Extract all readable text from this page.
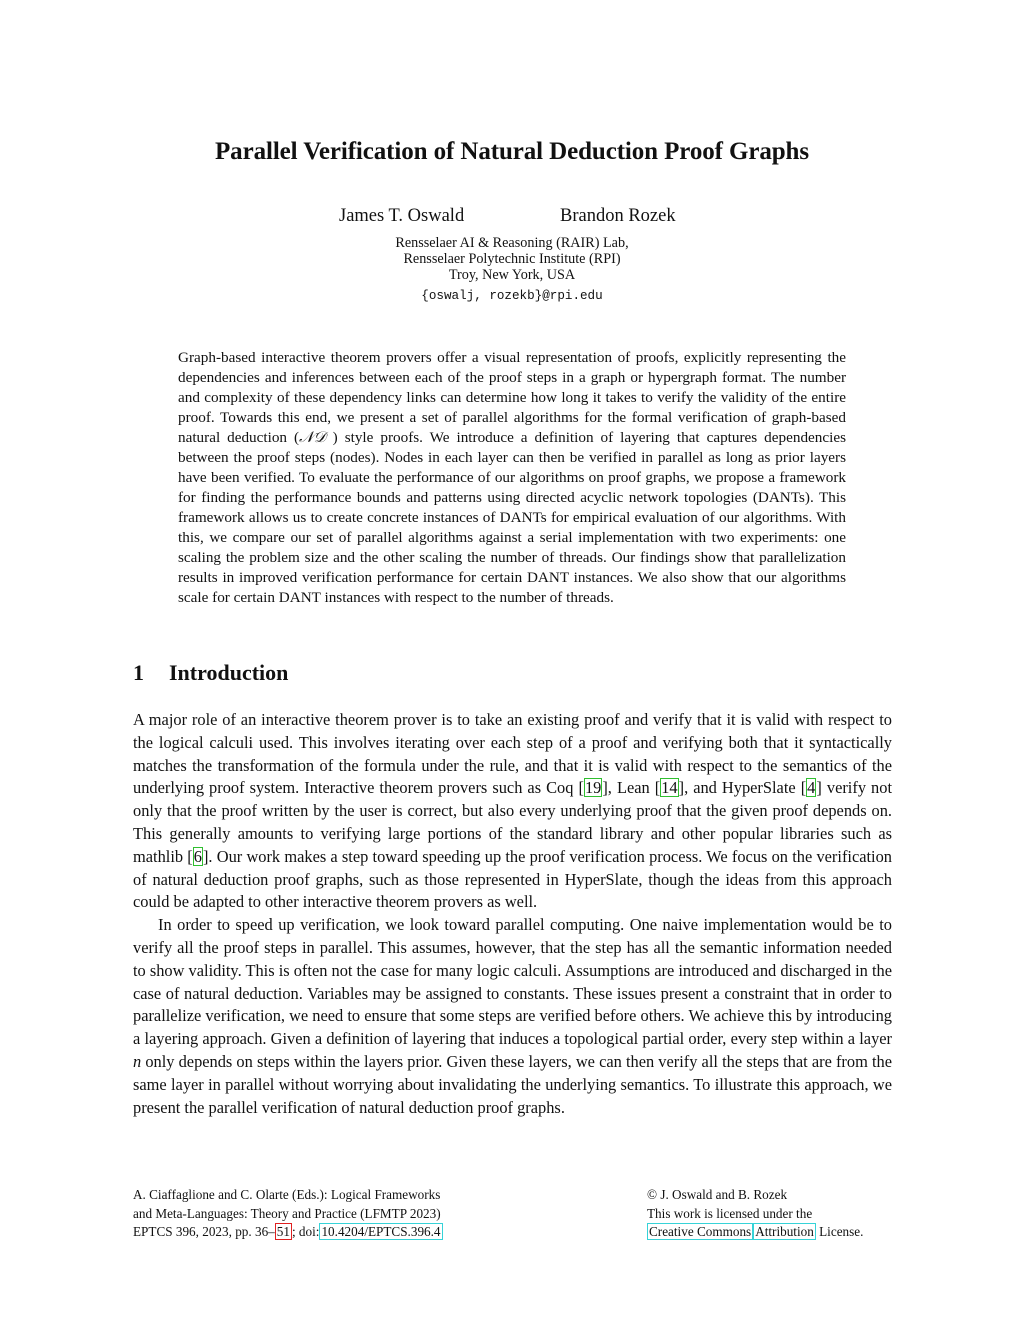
Parallel Verification of Natural Deduction Proof Graphs
James T. Oswald	Brandon Rozek
Rensselaer AI & Reasoning (RAIR) Lab,
Rensselaer Polytechnic Institute (RPI)
Troy, New York, USA
{oswalj, rozekb}@rpi.edu

Graph-based interactive theorem provers offer a visual representation of proofs, explicitly representing the dependencies and inferences between each of the proof steps in a graph or hypergraph format. The number and complexity of these dependency links can determine how long it takes to verify the validity of the entire proof. Towards this end, we present a set of parallel algorithms for the formal verification of graph-based natural deduction (𝒩𝒟 ) style proofs. We introduce a definition of layering that captures dependencies between the proof steps (nodes). Nodes in each layer can then be verified in parallel as long as prior layers have been verified. To evaluate the performance of our algorithms on proof graphs, we propose a framework for finding the performance bounds and patterns using directed acyclic network topologies (DANTs). This framework allows us to create concrete instances of DANTs for empirical evaluation of our algorithms. With this, we compare our set of parallel algorithms against a serial implementation with two experiments: one scaling the problem size and the other scaling the number of threads. Our findings show that parallelization results in improved verification performance for certain DANT instances. We also show that our algorithms scale for certain DANT instances with respect to the number of threads.

1 Introduction

A major role of an interactive theorem prover is to take an existing proof and verify that it is valid with respect to the logical calculi used. This involves iterating over each step of a proof and verifying both that it syntactically matches the transformation of the formula under the rule, and that it is valid with respect to the semantics of the underlying proof system. Interactive theorem provers such as Coq [19], Lean [14], and HyperSlate [4] verify not only that the proof written by the user is correct, but also every underlying proof that the given proof depends on. This generally amounts to verifying large portions of the standard library and other popular libraries such as mathlib [6]. Our work makes a step toward speeding up the proof verification process. We focus on the verification of natural deduction proof graphs, such as those represented in HyperSlate, though the ideas from this approach could be adapted to other interactive theorem provers as well.

In order to speed up verification, we look toward parallel computing. One naive implementation would be to verify all the proof steps in parallel. This assumes, however, that the step has all the semantic information needed to show validity. This is often not the case for many logic calculi. Assumptions are introduced and discharged in the case of natural deduction. Variables may be assigned to constants. These issues present a constraint that in order to parallelize verification, we need to ensure that some steps are verified before others. We achieve this by introducing a layering approach. Given a definition of layering that induces a topological partial order, every step within a layer n only depends on steps within the layers prior. Given these layers, we can then verify all the steps that are from the same layer in parallel without worrying about invalidating the underlying semantics. To illustrate this approach, we present the parallel verification of natural deduction proof graphs.

A. Ciaffaglione and C. Olarte (Eds.): Logical Frameworks
and Meta-Languages: Theory and Practice (LFMTP 2023)
EPTCS 396, 2023, pp. 36– 51 ; doi: 10.4204/EPTCS.396.4
© J. Oswald and B. Rozek
This work is licensed under the
Creative Commons Attribution License.
